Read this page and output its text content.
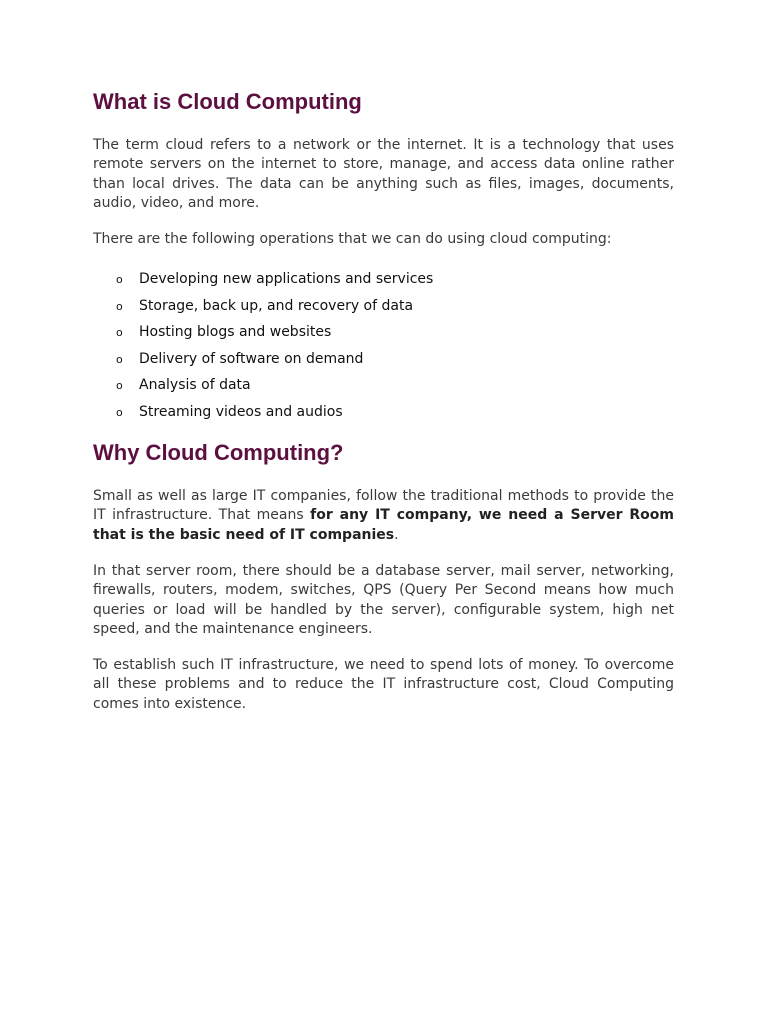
What is Cloud Computing

The term cloud refers to a network or the internet. It is a technology that uses remote servers on the internet to store, manage, and access data online rather than local drives. The data can be anything such as files, images, documents, audio, video, and more.

There are the following operations that we can do using cloud computing:

o Developing new applications and services
o Storage, back up, and recovery of data
o Hosting blogs and websites
o Delivery of software on demand
o Analysis of data
o Streaming videos and audios
Why Cloud Computing?

Small as well as large IT companies, follow the traditional methods to provide the IT infrastructure. That means for any IT company, we need a Server Room that is the basic need of IT companies.

In that server room, there should be a database server, mail server, networking, firewalls, routers, modem, switches, QPS (Query Per Second means how much queries or load will be handled by the server), configurable system, high net speed, and the maintenance engineers.

To establish such IT infrastructure, we need to spend lots of money. To overcome all these problems and to reduce the IT infrastructure cost, Cloud Computing comes into existence.
